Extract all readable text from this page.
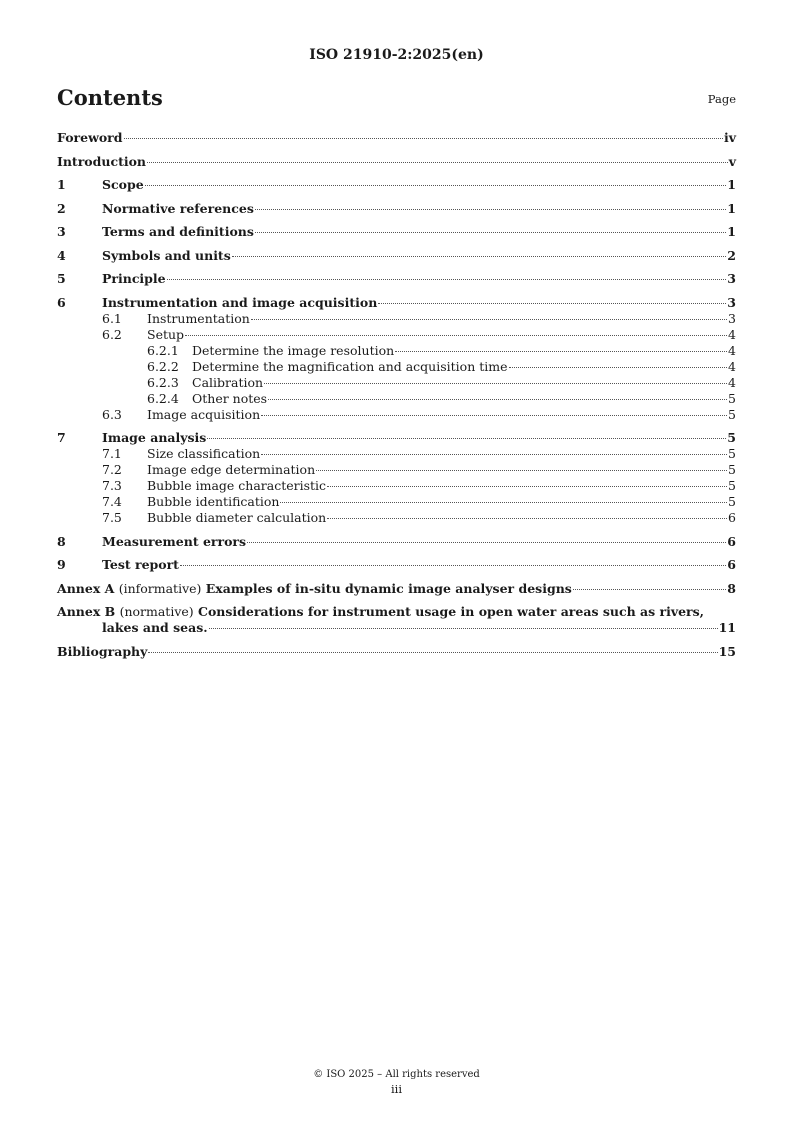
ISO 21910-2:2025(en)
Contents	Page
Foreword	iv
Introduction	v
1	Scope	1
2	Normative references	1
3	Terms and definitions	1
4	Symbols and units	2
5	Principle	3
6	Instrumentation and image acquisition	3
6.1	Instrumentation	3
6.2	Setup	4
6.2.1	Determine the image resolution	4
6.2.2	Determine the magnification and acquisition time	4
6.2.3	Calibration	4
6.2.4	Other notes	5
6.3	Image acquisition	5
7	Image analysis	5
7.1	Size classification	5
7.2	Image edge determination	5
7.3	Bubble image characteristic	5
7.4	Bubble identification	5
7.5	Bubble diameter calculation	6
8	Measurement errors	6
9	Test report	6
Annex A (informative) Examples of in-situ dynamic image analyser designs	8
Annex B (normative) Considerations for instrument usage in open water areas such as rivers,
lakes and seas.	11
Bibliography	15
© ISO 2025 – All rights reserved
iii
